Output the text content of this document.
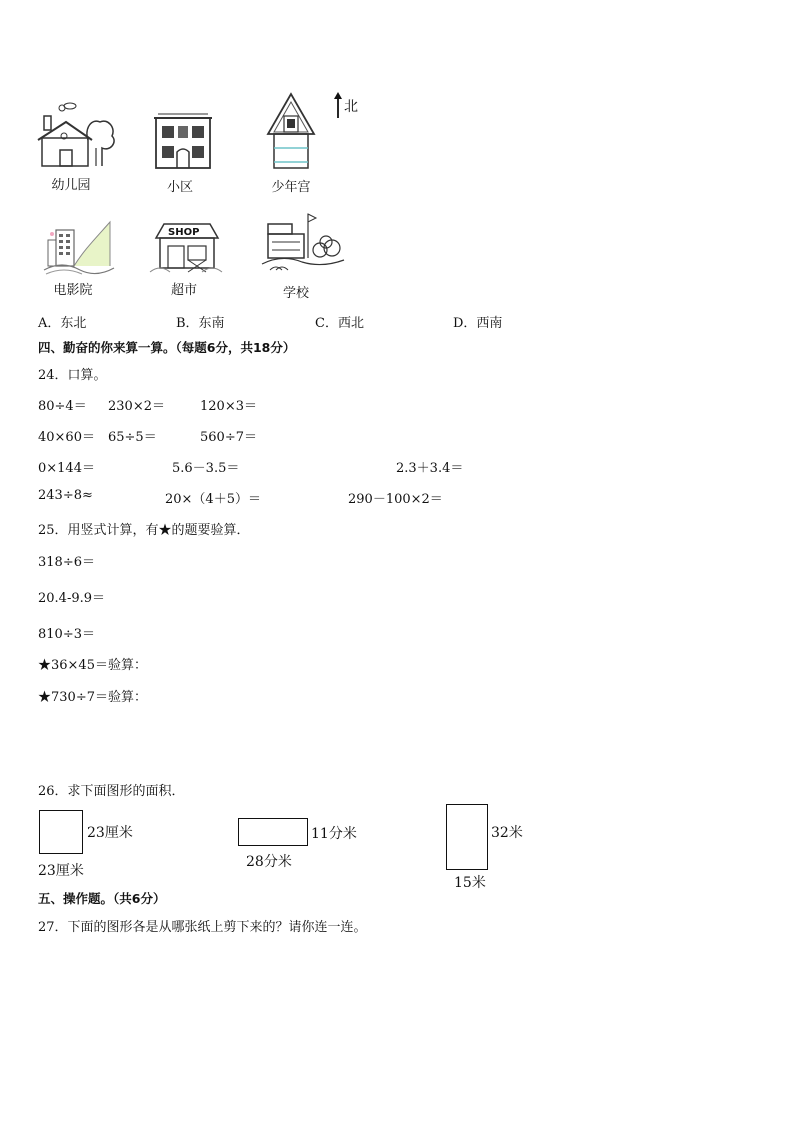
幼儿园	小区	少年宫
北
电影院
SHOP
超市	学校
A．东北	B．东南	C．西北	D．西南
四、勤奋的你来算一算。（每题6分，共18分）
24．口算。
80÷4＝ 230×2＝	120×3＝
40×60＝ 65÷5＝	560÷7＝
0×144＝	5.6－3.5＝	2.3＋3.4＝
243÷8≈	20×（4＋5）＝	290－100×2＝
25．用竖式计算，有★的题要验算．
318÷6＝
20.4-9.9＝
810÷3＝
★36×45＝验算：
★730÷7＝验算：
26．求下面图形的面积．
23厘米
23厘米
11分米
28分米
32米
15米
五、操作题。（共6分）
27．下面的图形各是从哪张纸上剪下来的？请你连一连。
